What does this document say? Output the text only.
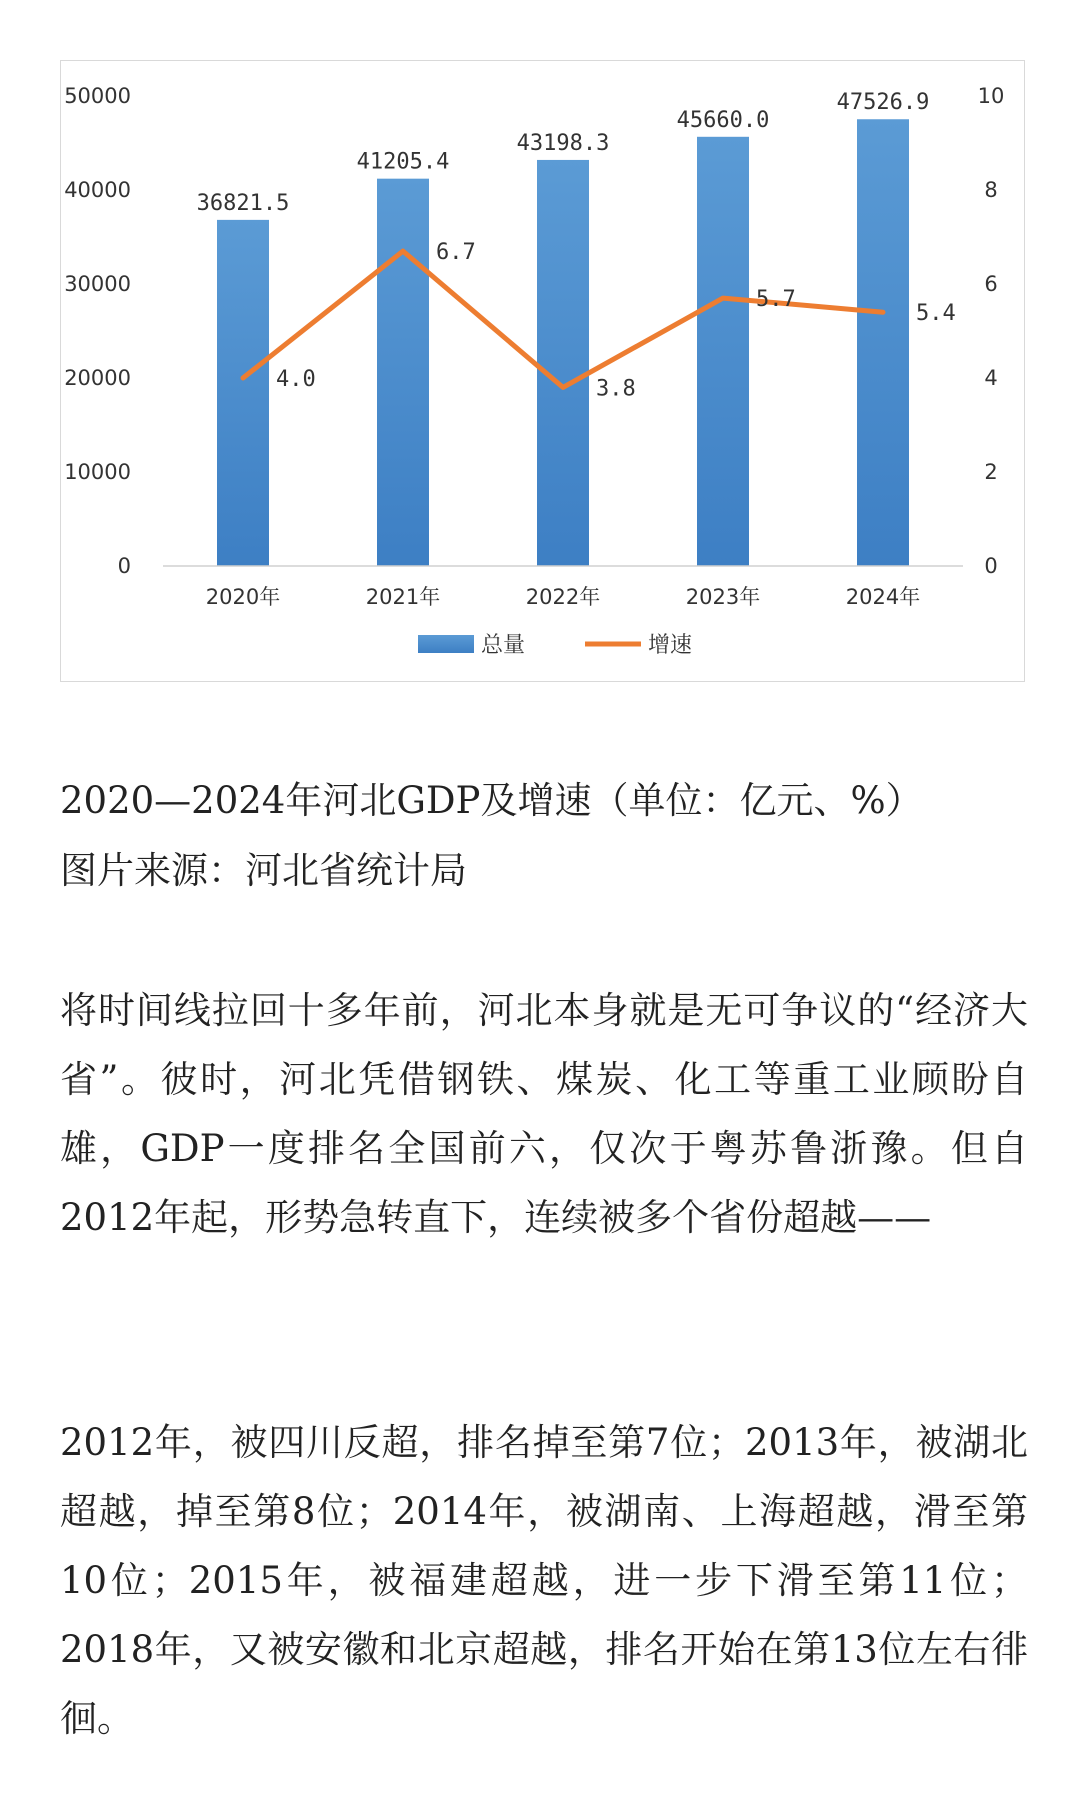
0
10000
20000
30000
40000
50000
0
2
4
6
8
10
36821.5
41205.4
43198.3
45660.0
47526.9
2020年	2021年	2022年	2023年	2024年
4.0
6.7
3.8
5.7
5.4
总量	增速
2020—2024年河北GDP及增速（单位：亿元、%）
图片来源：河北省统计局
将时间线拉回十多年前，河北本身就是无可争议的“经济大省”。彼时，河北凭借钢铁、煤炭、化工等重工业顾盼自雄，GDP一度排名全国前六，仅次于粤苏鲁浙豫。但自2012年起，形势急转直下，连续被多个省份超越——
2012年，被四川反超，排名掉至第7位；2013年，被湖北超越，掉至第8位；2014年，被湖南、上海超越，滑至第10位；2015年，被福建超越，进一步下滑至第11位；2018年，又被安徽和北京超越，排名开始在第13位左右徘徊。
